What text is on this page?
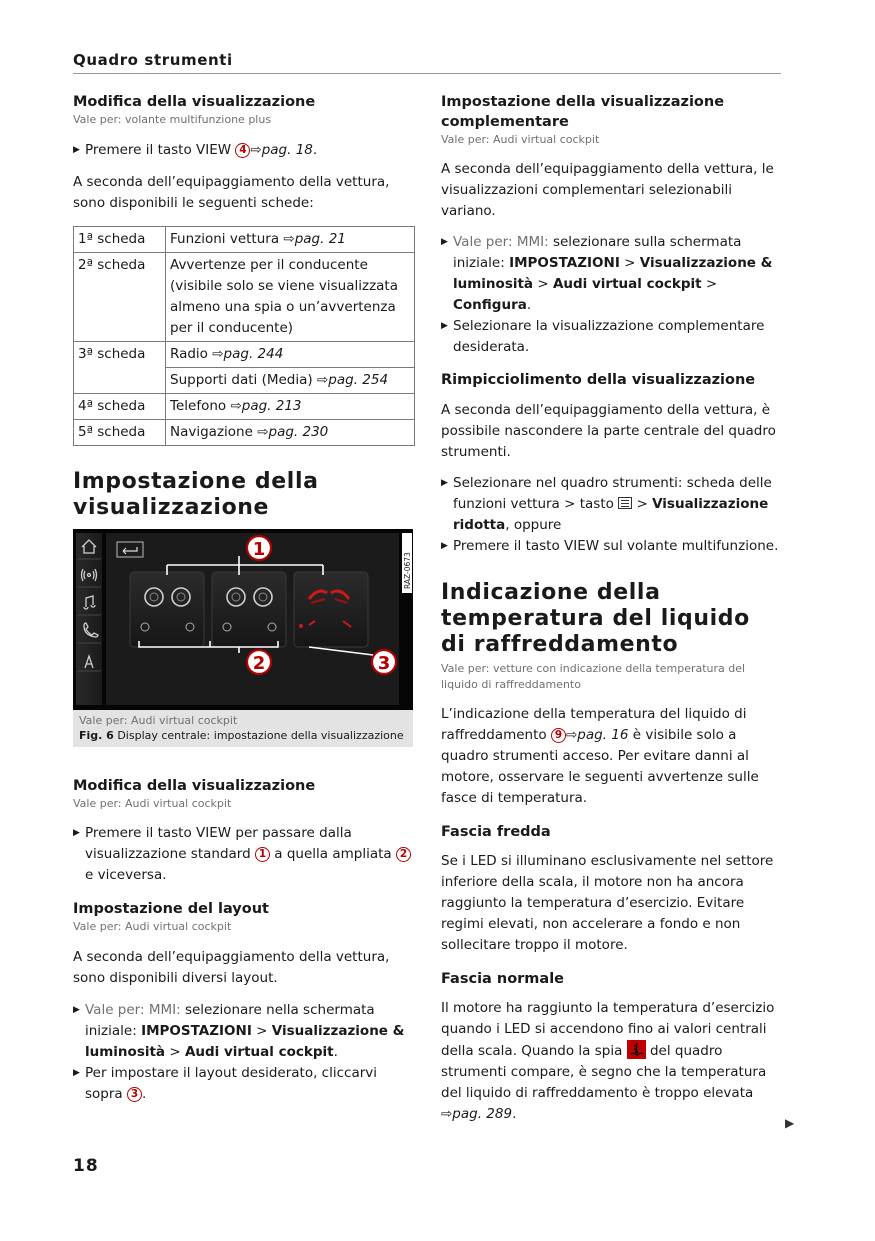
Quadro strumenti
Modifica della visualizzazione
Vale per: volante multifunzione plus
▶ Premere il tasto VIEW 4 ⇨pag. 18.
A seconda dell’equipaggiamento della vettura, sono disponibili le seguenti schede:
1ª scheda	Funzioni vettura ⇨pag. 21
2ª scheda	Avvertenze per il conducente (visibile solo se viene visualizzata almeno una spia o un’avvertenza per il conducente)
3ª scheda	Radio ⇨pag. 244
	Supporti dati (Media) ⇨pag. 254
4ª scheda	Telefono ⇨pag. 213
5ª scheda	Navigazione ⇨pag. 230
Impostazione della
visualizzazione
1
2	3
RAZ-0673
Vale per: Audi virtual cockpit
Fig. 6 Display centrale: impostazione della visualizzazione
Modifica della visualizzazione
Vale per: Audi virtual cockpit
▶ Premere il tasto VIEW per passare dalla visualizzazione standard 1 a quella ampliata 2 e viceversa.
Impostazione del layout
Vale per: Audi virtual cockpit
A seconda dell’equipaggiamento della vettura, sono disponibili diversi layout.
▶ Vale per: MMI: selezionare nella schermata iniziale: IMPOSTAZIONI > Visualizzazione & luminosità > Audi virtual cockpit.
▶ Per impostare il layout desiderato, cliccarvi sopra 3 .
Impostazione della visualizzazione complementare
Vale per: Audi virtual cockpit
A seconda dell’equipaggiamento della vettura, le visualizzazioni complementari selezionabili variano.
▶ Vale per: MMI: selezionare sulla schermata iniziale: IMPOSTAZIONI > Visualizzazione & luminosità > Audi virtual cockpit > Configura.
▶ Selezionare la visualizzazione complementare desiderata.
Rimpicciolimento della visualizzazione
A seconda dell’equipaggiamento della vettura, è possibile nascondere la parte centrale del quadro strumenti.
▶ Selezionare nel quadro strumenti: scheda delle funzioni vettura > tasto
> Visualizzazione ridotta, oppure
▶ Premere il tasto VIEW sul volante multifunzione.
Indicazione della
temperatura del liquido
di raffreddamento
Vale per: vetture con indicazione della temperatura del liquido di raffreddamento
L’indicazione della temperatura del liquido di raffreddamento 9 ⇨pag. 16 è visibile solo a quadro strumenti acceso. Per evitare danni al motore, osservare le seguenti avvertenze sulle fasce di temperatura.
Fascia fredda
Se i LED si illuminano esclusivamente nel settore inferiore della scala, il motore non ha ancora raggiunto la temperatura d’esercizio. Evitare regimi elevati, non accelerare a fondo e non sollecitare troppo il motore.
Fascia normale
Il motore ha raggiunto la temperatura d’esercizio quando i LED si accendono fino ai valori centrali della scala. Quando la spia del quadro strumenti compare, è segno che la temperatura del liquido di raffreddamento è troppo elevata ⇨pag. 289.
▶
18
